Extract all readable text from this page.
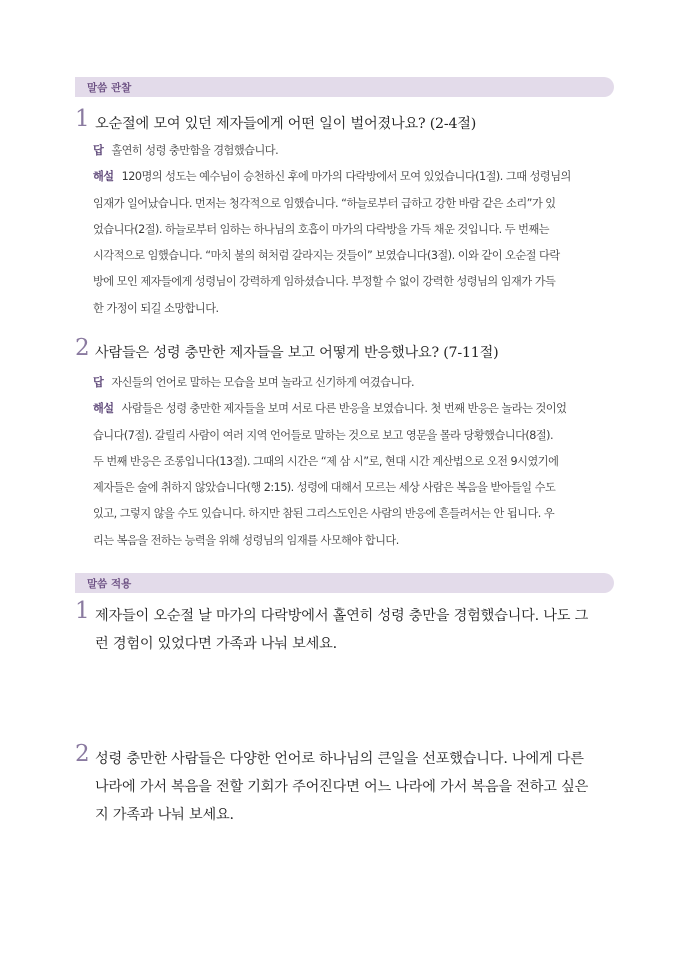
말씀 관찰
1 오순절에 모여 있던 제자들에게 어떤 일이 벌어졌나요? (2-4절)
답 홀연히 성령 충만함을 경험했습니다.
해설 120명의 성도는 예수님이 승천하신 후에 마가의 다락방에서 모여 있었습니다(1절). 그때 성령님의
임재가 일어났습니다. 먼저는 청각적으로 임했습니다. “하늘로부터 급하고 강한 바람 같은 소리”가 있
었습니다(2절). 하늘로부터 임하는 하나님의 호흡이 마가의 다락방을 가득 채운 것입니다. 두 번째는
시각적으로 임했습니다. “마치 불의 혀처럼 갈라지는 것들이” 보였습니다(3절). 이와 같이 오순절 다락
방에 모인 제자들에게 성령님이 강력하게 임하셨습니다. 부정할 수 없이 강력한 성령님의 임재가 가득
한 가정이 되길 소망합니다.
2 사람들은 성령 충만한 제자들을 보고 어떻게 반응했나요? (7-11절)
답 자신들의 언어로 말하는 모습을 보며 놀라고 신기하게 여겼습니다.
해설 사람들은 성령 충만한 제자들을 보며 서로 다른 반응을 보였습니다. 첫 번째 반응은 놀라는 것이었
습니다(7절). 갈릴리 사람이 여러 지역 언어들로 말하는 것으로 보고 영문을 몰라 당황했습니다(8절).
두 번째 반응은 조롱입니다(13절). 그때의 시간은 “제 삼 시”로, 현대 시간 계산법으로 오전 9시였기에
제자들은 술에 취하지 않았습니다(행 2:15). 성령에 대해서 모르는 세상 사람은 복음을 받아들일 수도
있고, 그렇지 않을 수도 있습니다. 하지만 참된 그리스도인은 사람의 반응에 흔들려서는 안 됩니다. 우
리는 복음을 전하는 능력을 위해 성령님의 임재를 사모해야 합니다.
말씀 적용
1 제자들이 오순절 날 마가의 다락방에서 홀연히 성령 충만을 경험했습니다. 나도 그
런 경험이 있었다면 가족과 나눠 보세요.
2 성령 충만한 사람들은 다양한 언어로 하나님의 큰일을 선포했습니다. 나에게 다른
나라에 가서 복음을 전할 기회가 주어진다면 어느 나라에 가서 복음을 전하고 싶은
지 가족과 나눠 보세요.
